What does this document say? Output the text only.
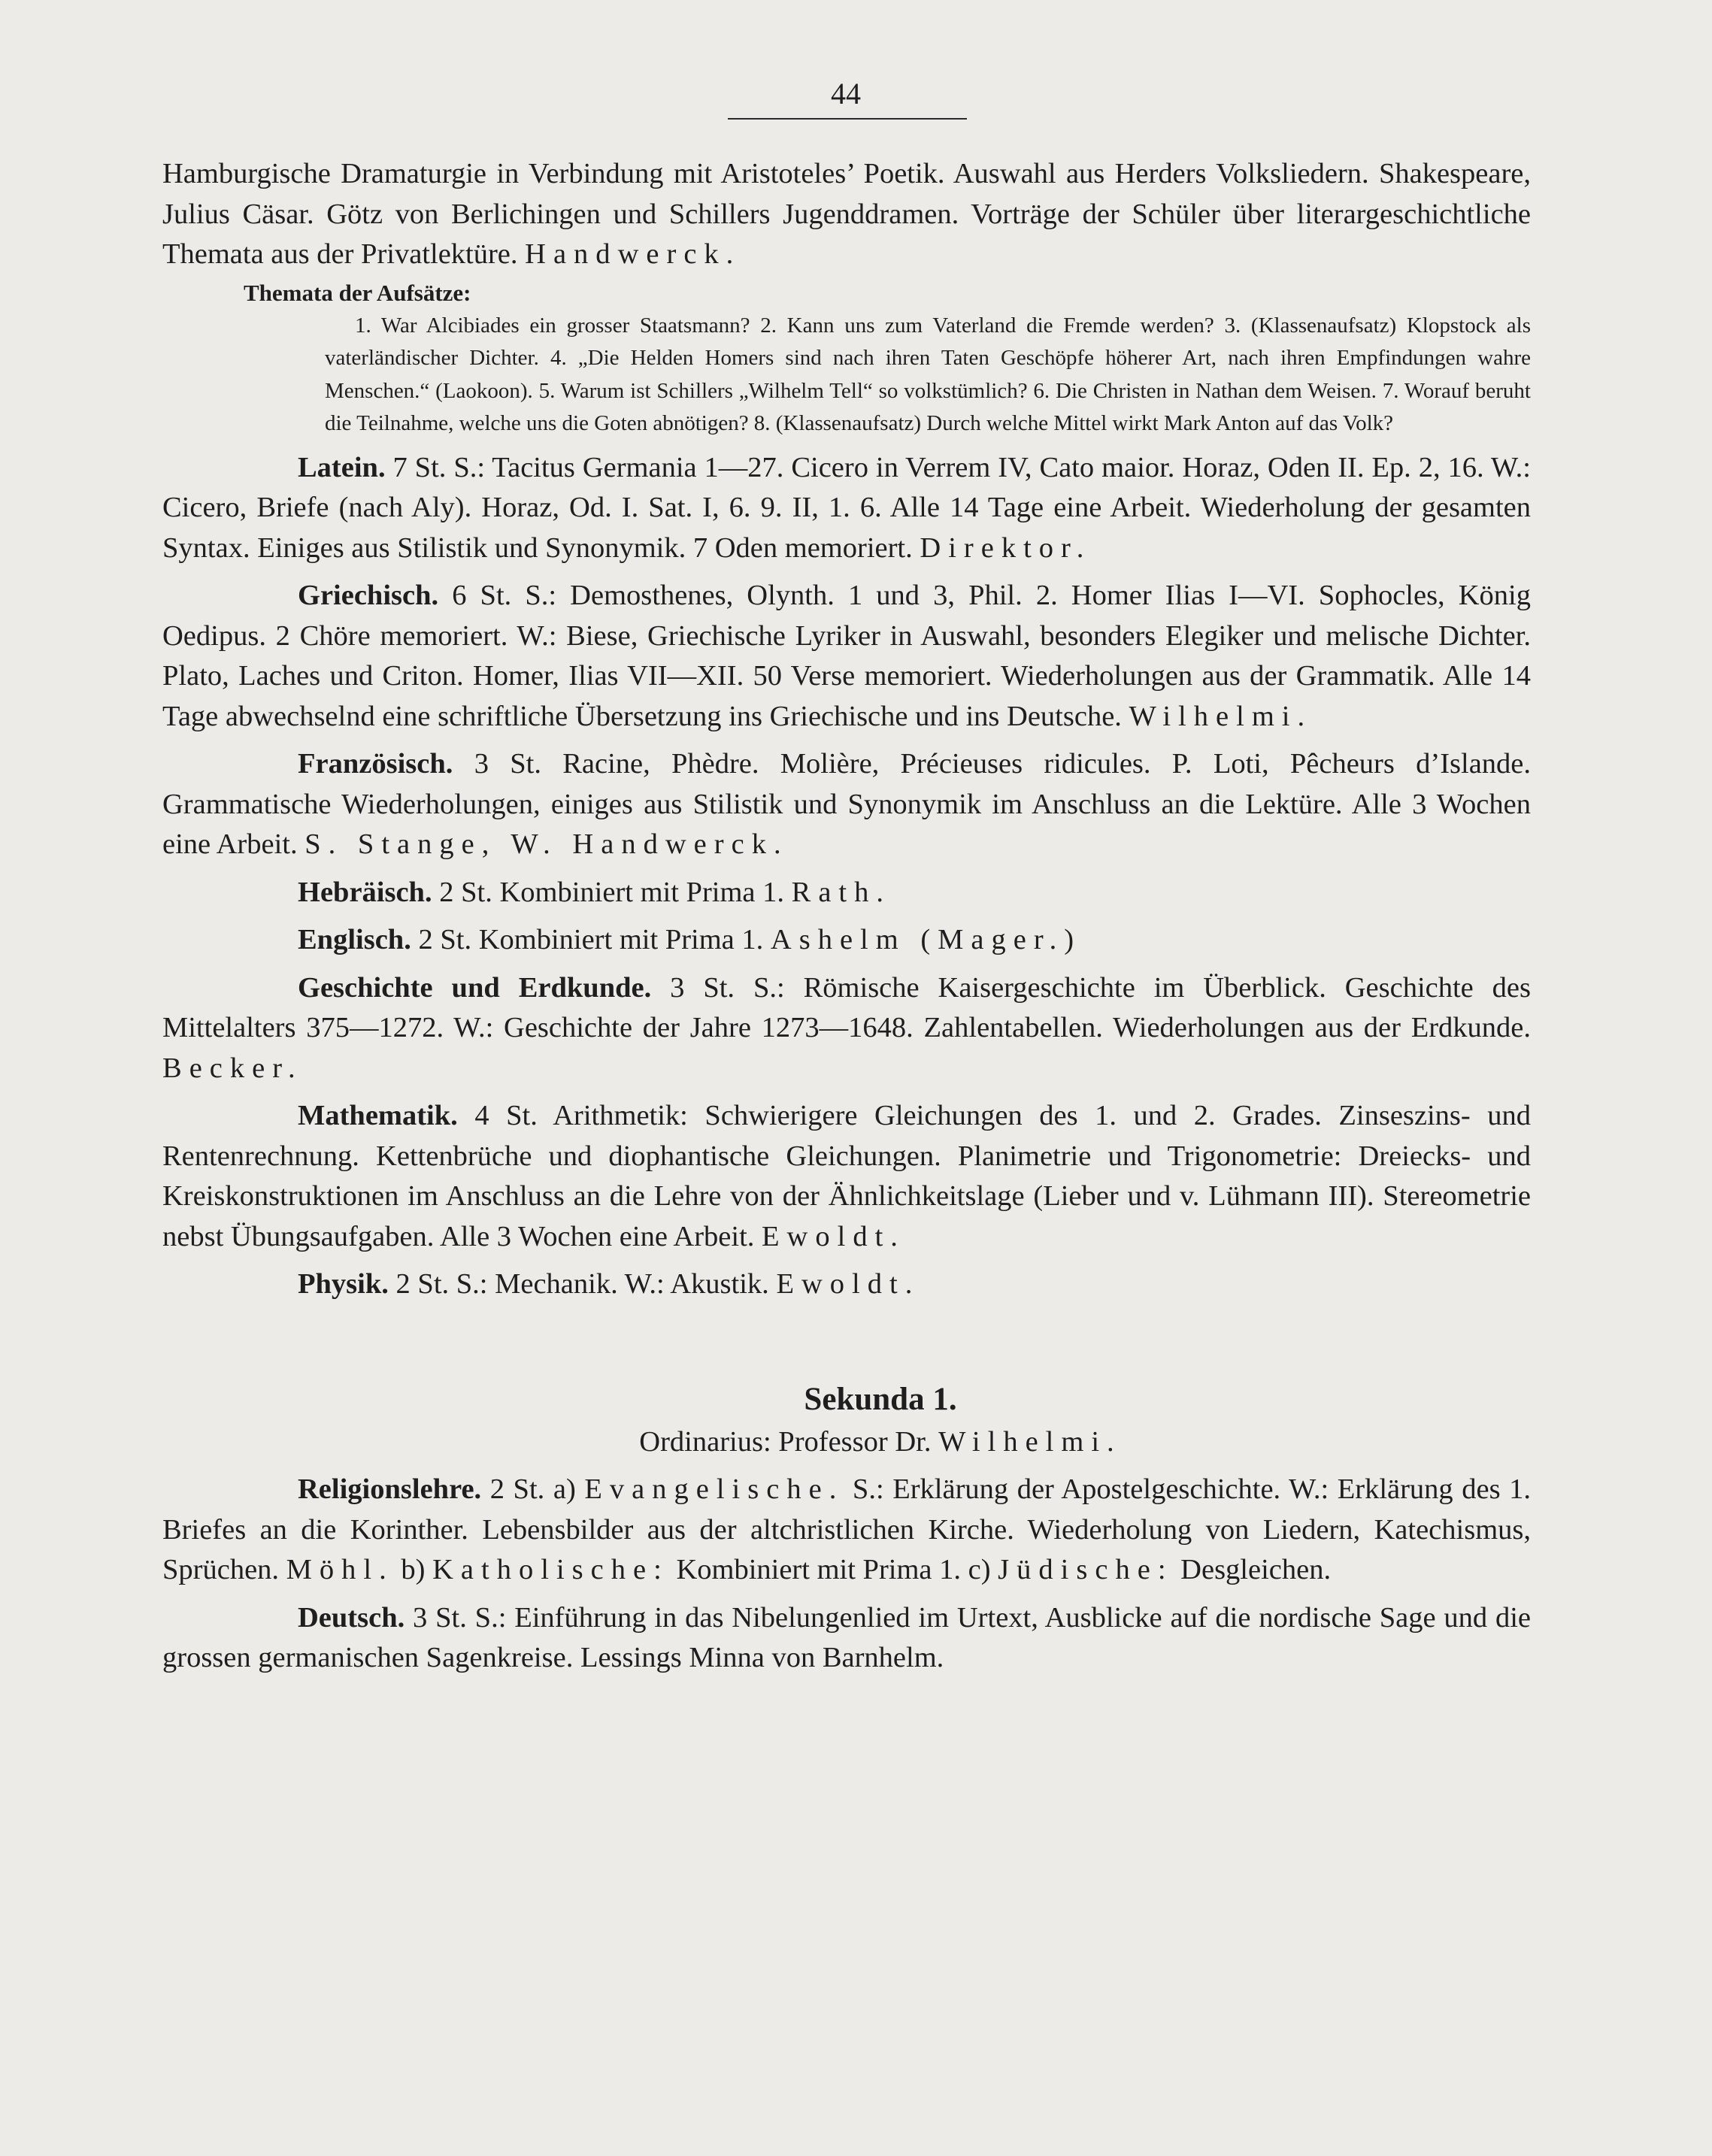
44

Hamburgische Dramaturgie in Verbindung mit Aristoteles’ Poetik. Auswahl aus Herders Volksliedern. Shakespeare, Julius Cäsar. Götz von Berlichingen und Schillers Jugenddramen. Vorträge der Schüler über literargeschichtliche Themata aus der Privatlektüre. Handwerck.

Themata der Aufsätze:

1. War Alcibiades ein grosser Staatsmann? 2. Kann uns zum Vaterland die Fremde werden? 3. (Klassenaufsatz) Klopstock als vaterländischer Dichter. 4. „Die Helden Homers sind nach ihren Taten Geschöpfe höherer Art, nach ihren Empfindungen wahre Menschen.“ (Laokoon). 5. Warum ist Schillers „Wilhelm Tell“ so volkstümlich? 6. Die Christen in Nathan dem Weisen. 7. Worauf beruht die Teilnahme, welche uns die Goten abnötigen? 8. (Klassenaufsatz) Durch welche Mittel wirkt Mark Anton auf das Volk?

Latein. 7 St. S.: Tacitus Germania 1—27. Cicero in Verrem IV, Cato maior. Horaz, Oden II. Ep. 2, 16. W.: Cicero, Briefe (nach Aly). Horaz, Od. I. Sat. I, 6. 9. II, 1. 6. Alle 14 Tage eine Arbeit. Wiederholung der gesamten Syntax. Einiges aus Stilistik und Synonymik. 7 Oden memoriert. Direktor.

Griechisch. 6 St. S.: Demosthenes, Olynth. 1 und 3, Phil. 2. Homer Ilias I—VI. Sophocles, König Oedipus. 2 Chöre memoriert. W.: Biese, Griechische Lyriker in Auswahl, besonders Elegiker und melische Dichter. Plato, Laches und Criton. Homer, Ilias VII—XII. 50 Verse memoriert. Wiederholungen aus der Grammatik. Alle 14 Tage abwechselnd eine schriftliche Übersetzung ins Griechische und ins Deutsche. Wilhelmi.

Französisch. 3 St. Racine, Phèdre. Molière, Précieuses ridicules. P. Loti, Pêcheurs d’Islande. Grammatische Wiederholungen, einiges aus Stilistik und Synonymik im Anschluss an die Lektüre. Alle 3 Wochen eine Arbeit. S. Stange, W. Handwerck.

Hebräisch. 2 St. Kombiniert mit Prima 1. Rath.

Englisch. 2 St. Kombiniert mit Prima 1. Ashelm (Mager.)

Geschichte und Erdkunde. 3 St. S.: Römische Kaisergeschichte im Überblick. Geschichte des Mittelalters 375—1272. W.: Geschichte der Jahre 1273—1648. Zahlentabellen. Wiederholungen aus der Erdkunde. Becker.

Mathematik. 4 St. Arithmetik: Schwierigere Gleichungen des 1. und 2. Grades. Zinseszins- und Rentenrechnung. Kettenbrüche und diophantische Gleichungen. Planimetrie und Trigonometrie: Dreiecks- und Kreiskonstruktionen im Anschluss an die Lehre von der Ähnlichkeitslage (Lieber und v. Lühmann III). Stereometrie nebst Übungsaufgaben. Alle 3 Wochen eine Arbeit. Ewoldt.

Physik. 2 St. S.: Mechanik. W.: Akustik. Ewoldt.

Sekunda 1.
Ordinarius: Professor Dr. Wilhelmi.

Religionslehre. 2 St. a) Evangelische. S.: Erklärung der Apostelgeschichte. W.: Erklärung des 1. Briefes an die Korinther. Lebensbilder aus der altchristlichen Kirche. Wiederholung von Liedern, Katechismus, Sprüchen. Möhl. b) Katholische: Kombiniert mit Prima 1. c) Jüdische: Desgleichen.

Deutsch. 3 St. S.: Einführung in das Nibelungenlied im Urtext, Ausblicke auf die nordische Sage und die grossen germanischen Sagenkreise. Lessings Minna von Barnhelm.
